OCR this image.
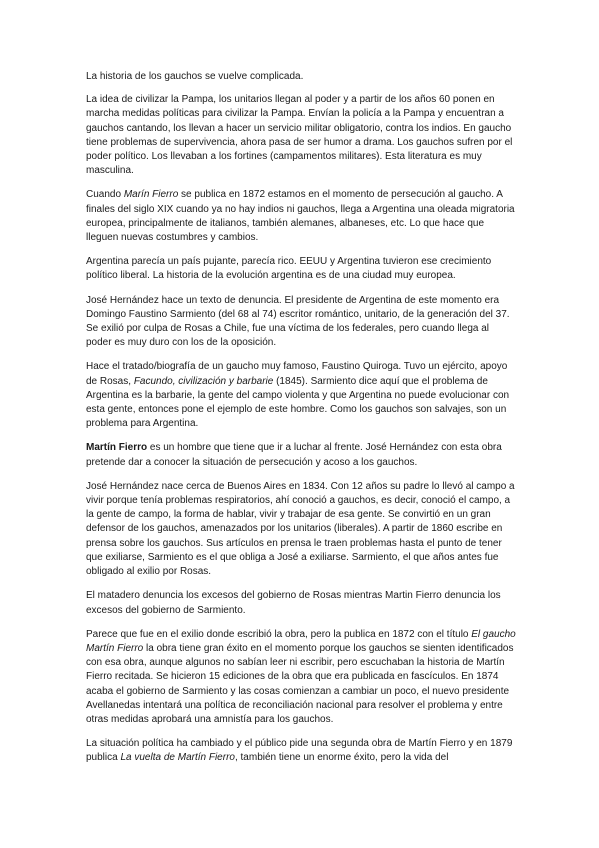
La historia de los gauchos se vuelve complicada.

La idea de civilizar la Pampa, los unitarios llegan al poder y a partir de los años 60 ponen en marcha medidas políticas para civilizar la Pampa. Envían la policía a la Pampa y encuentran a gauchos cantando, los llevan a hacer un servicio militar obligatorio, contra los indios. En gaucho tiene problemas de supervivencia, ahora pasa de ser humor a drama. Los gauchos sufren por el poder político. Los llevaban a los fortines (campamentos militares). Esta literatura es muy masculina.

Cuando Marín Fierro se publica en 1872 estamos en el momento de persecución al gaucho. A finales del siglo XIX cuando ya no hay indios ni gauchos, llega a Argentina una oleada migratoria europea, principalmente de italianos, también alemanes, albaneses, etc. Lo que hace que lleguen nuevas costumbres y cambios.

Argentina parecía un país pujante, parecía rico. EEUU y Argentina tuvieron ese crecimiento político liberal. La historia de la evolución argentina es de una ciudad muy europea.

José Hernández hace un texto de denuncia. El presidente de Argentina de este momento era Domingo Faustino Sarmiento (del 68 al 74) escritor romántico, unitario, de la generación del 37. Se exilió por culpa de Rosas a Chile, fue una víctima de los federales, pero cuando llega al poder es muy duro con los de la oposición.

Hace el tratado/biografía de un gaucho muy famoso, Faustino Quiroga. Tuvo un ejército, apoyo de Rosas, Facundo, civilización y barbarie (1845). Sarmiento dice aquí que el problema de Argentina es la barbarie, la gente del campo violenta y que Argentina no puede evolucionar con esta gente, entonces pone el ejemplo de este hombre. Como los gauchos son salvajes, son un problema para Argentina.

Martín Fierro es un hombre que tiene que ir a luchar al frente. José Hernández con esta obra pretende dar a conocer la situación de persecución y acoso a los gauchos.

José Hernández nace cerca de Buenos Aires en 1834. Con 12 años su padre lo llevó al campo a vivir porque tenía problemas respiratorios, ahí conoció a gauchos, es decir, conoció el campo, a la gente de campo, la forma de hablar, vivir y trabajar de esa gente. Se convirtió en un gran defensor de los gauchos, amenazados por los unitarios (liberales). A partir de 1860 escribe en prensa sobre los gauchos. Sus artículos en prensa le traen problemas hasta el punto de tener que exiliarse, Sarmiento es el que obliga a José a exiliarse. Sarmiento, el que años antes fue obligado al exilio por Rosas.

El matadero denuncia los excesos del gobierno de Rosas mientras Martin Fierro denuncia los excesos del gobierno de Sarmiento.

Parece que fue en el exilio donde escribió la obra, pero la publica en 1872 con el título El gaucho Martín Fierro la obra tiene gran éxito en el momento porque los gauchos se sienten identificados con esa obra, aunque algunos no sabían leer ni escribir, pero escuchaban la historia de Martín Fierro recitada. Se hicieron 15 ediciones de la obra que era publicada en fascículos. En 1874 acaba el gobierno de Sarmiento y las cosas comienzan a cambiar un poco, el nuevo presidente Avellanedas intentará una política de reconciliación nacional para resolver el problema y entre otras medidas aprobará una amnistía para los gauchos.

La situación política ha cambiado y el público pide una segunda obra de Martín Fierro y en 1879 publica La vuelta de Martín Fierro, también tiene un enorme éxito, pero la vida del
